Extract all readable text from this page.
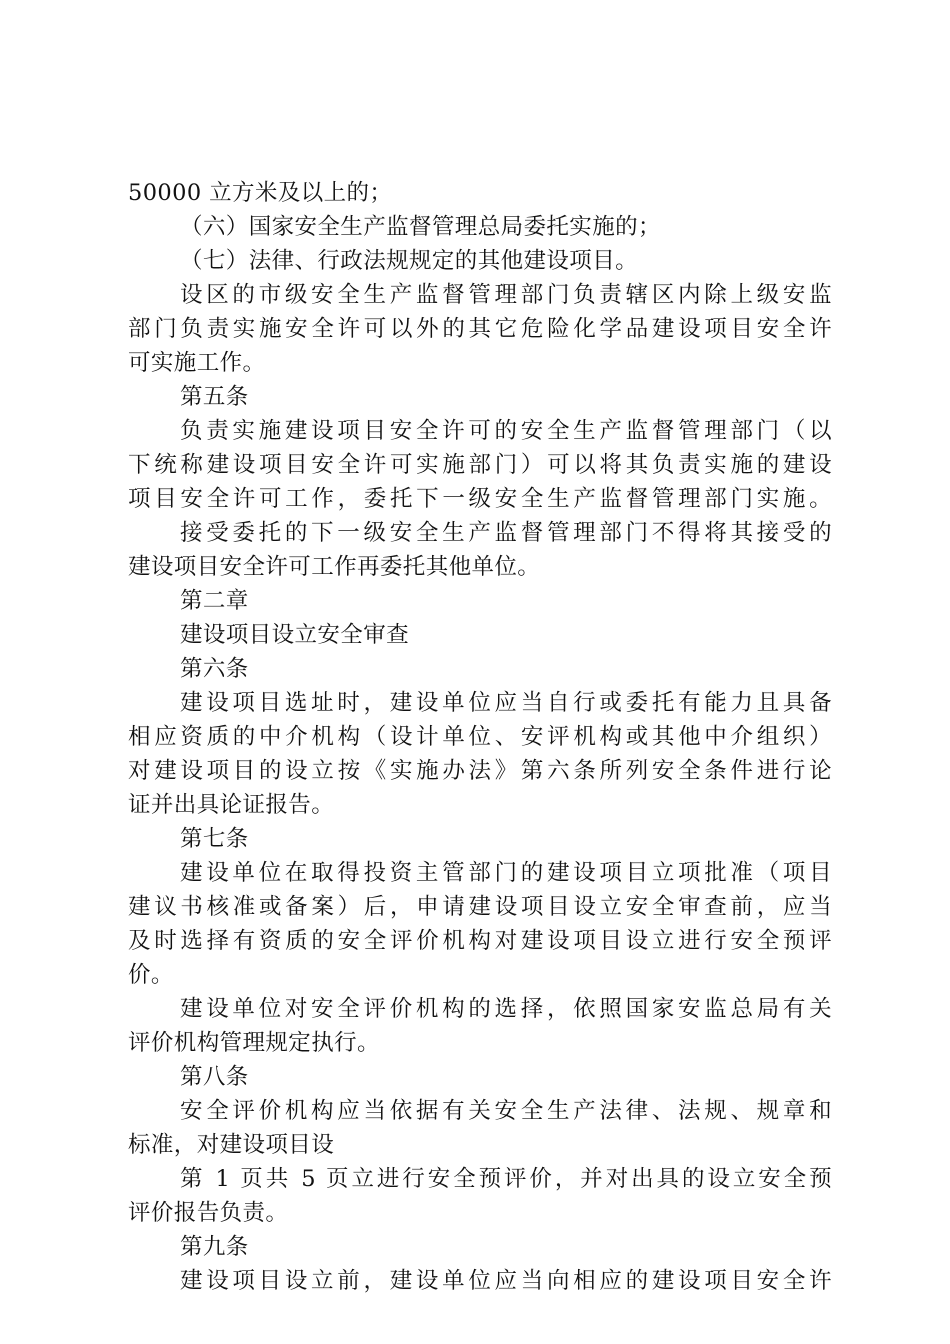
50000 立方米及以上的；
（六）国家安全生产监督管理总局委托实施的；
（七）法律、行政法规规定的其他建设项目。
设区的市级安全生产监督管理部门负责辖区内除上级安监
部门负责实施安全许可以外的其它危险化学品建设项目安全许
可实施工作。
第五条
负责实施建设项目安全许可的安全生产监督管理部门（以
下统称建设项目安全许可实施部门）可以将其负责实施的建设
项目安全许可工作，委托下一级安全生产监督管理部门实施。
接受委托的下一级安全生产监督管理部门不得将其接受的
建设项目安全许可工作再委托其他单位。
第二章
建设项目设立安全审查
第六条
建设项目选址时，建设单位应当自行或委托有能力且具备
相应资质的中介机构（设计单位、安评机构或其他中介组织）
对建设项目的设立按《实施办法》第六条所列安全条件进行论
证并出具论证报告。
第七条
建设单位在取得投资主管部门的建设项目立项批准（项目
建议书核准或备案）后，申请建设项目设立安全审查前，应当
及时选择有资质的安全评价机构对建设项目设立进行安全预评
价。
建设单位对安全评价机构的选择，依照国家安监总局有关
评价机构管理规定执行。
第八条
安全评价机构应当依据有关安全生产法律、法规、规章和
标准，对建设项目设
第 1 页共 5 页立进行安全预评价，并对出具的设立安全预
评价报告负责。
第九条
建设项目设立前，建设单位应当向相应的建设项目安全许
